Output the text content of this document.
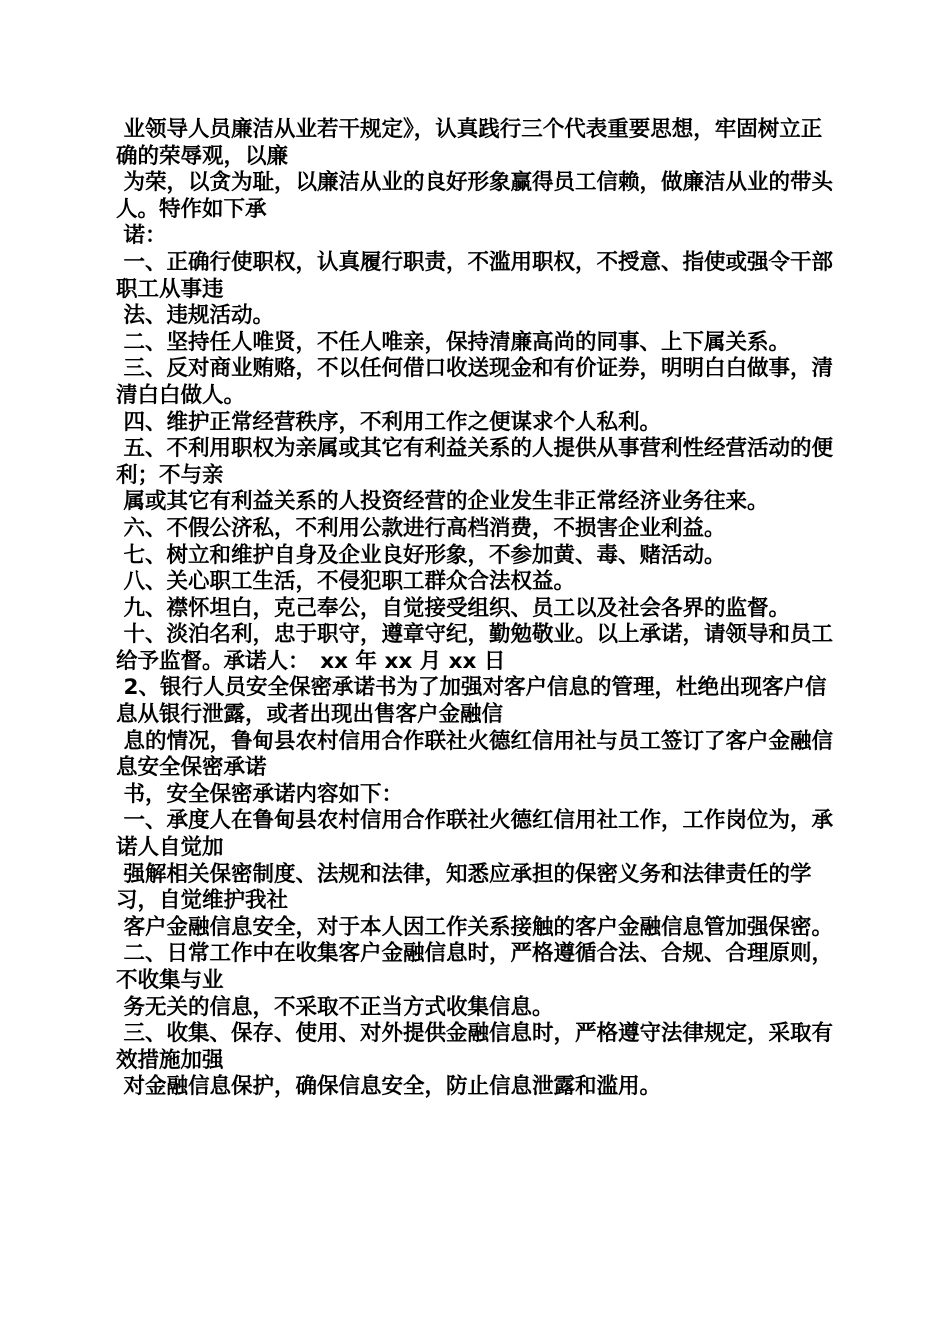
业领导人员廉洁从业若干规定》，认真践行三个代表重要思想，牢固树立正确的荣辱观，以廉

为荣，以贪为耻，以廉洁从业的良好形象赢得员工信赖，做廉洁从业的带头人。特作如下承

诺：

一、正确行使职权，认真履行职责，不滥用职权，不授意、指使或强令干部职工从事违

法、违规活动。

二、坚持任人唯贤，不任人唯亲，保持清廉高尚的同事、上下属关系。

三、反对商业贿赂，不以任何借口收送现金和有价证券，明明白白做事，清清白白做人。

四、维护正常经营秩序，不利用工作之便谋求个人私利。

五、不利用职权为亲属或其它有利益关系的人提供从事营利性经营活动的便利；不与亲

属或其它有利益关系的人投资经营的企业发生非正常经济业务往来。

六、不假公济私，不利用公款进行高档消费，不损害企业利益。

七、树立和维护自身及企业良好形象，不参加黄、毒、赌活动。

八、关心职工生活，不侵犯职工群众合法权益。

九、襟怀坦白，克己奉公，自觉接受组织、员工以及社会各界的监督。

十、淡泊名利，忠于职守，遵章守纪，勤勉敬业。以上承诺，请领导和员工给予监督。承诺人：　xx 年 xx 月 xx 日

2、银行人员安全保密承诺书为了加强对客户信息的管理，杜绝出现客户信息从银行泄露，或者出现出售客户金融信

息的情况，鲁甸县农村信用合作联社火德红信用社与员工签订了客户金融信息安全保密承诺

书，安全保密承诺内容如下：

一、承度人在鲁甸县农村信用合作联社火德红信用社工作，工作岗位为，承诺人自觉加

强解相关保密制度、法规和法律，知悉应承担的保密义务和法律责任的学习，自觉维护我社

客户金融信息安全，对于本人因工作关系接触的客户金融信息管加强保密。

二、日常工作中在收集客户金融信息时，严格遵循合法、合规、合理原则，不收集与业

务无关的信息，不采取不正当方式收集信息。

三、收集、保存、使用、对外提供金融信息时，严格遵守法律规定，采取有效措施加强

对金融信息保护，确保信息安全，防止信息泄露和滥用。
